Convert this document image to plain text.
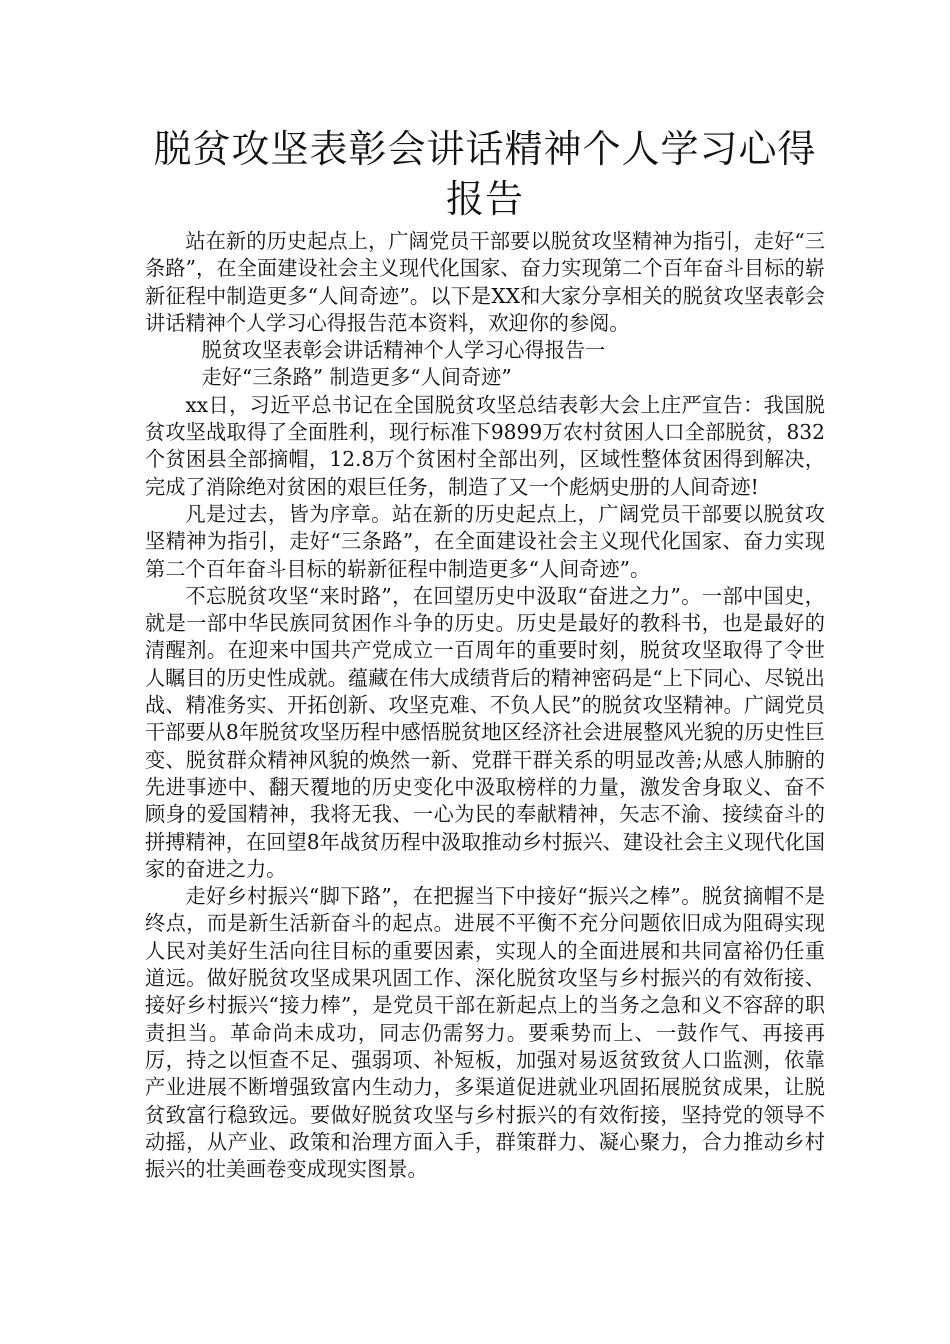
脱贫攻坚表彰会讲话精神个人学习心得报告

站在新的历史起点上，广阔党员干部要以脱贫攻坚精神为指引，走好“三条路”，在全面建设社会主义现代化国家、奋力实现第二个百年奋斗目标的崭新征程中制造更多“人间奇迹”。以下是XX和大家分享相关的脱贫攻坚表彰会讲话精神个人学习心得报告范本资料，欢迎你的参阅。

脱贫攻坚表彰会讲话精神个人学习心得报告一

走好“三条路” 制造更多“人间奇迹”

xx日，习近平总书记在全国脱贫攻坚总结表彰大会上庄严宣告：我国脱贫攻坚战取得了全面胜利，现行标准下9899万农村贫困人口全部脱贫，832个贫困县全部摘帽，12.8万个贫困村全部出列，区域性整体贫困得到解决，完成了消除绝对贫困的艰巨任务，制造了又一个彪炳史册的人间奇迹!

凡是过去，皆为序章。站在新的历史起点上，广阔党员干部要以脱贫攻坚精神为指引，走好“三条路”，在全面建设社会主义现代化国家、奋力实现第二个百年奋斗目标的崭新征程中制造更多“人间奇迹”。

不忘脱贫攻坚“来时路”，在回望历史中汲取“奋进之力”。一部中国史，就是一部中华民族同贫困作斗争的历史。历史是最好的教科书，也是最好的清醒剂。在迎来中国共产党成立一百周年的重要时刻，脱贫攻坚取得了令世人瞩目的历史性成就。蕴藏在伟大成绩背后的精神密码是“上下同心、尽锐出战、精准务实、开拓创新、攻坚克难、不负人民”的脱贫攻坚精神。广阔党员干部要从8年脱贫攻坚历程中感悟脱贫地区经济社会进展整风光貌的历史性巨变、脱贫群众精神风貌的焕然一新、党群干群关系的明显改善;从感人肺腑的先进事迹中、翻天覆地的历史变化中汲取榜样的力量，激发舍身取义、奋不顾身的爱国精神，我将无我、一心为民的奉献精神，矢志不渝、接续奋斗的拼搏精神，在回望8年战贫历程中汲取推动乡村振兴、建设社会主义现代化国家的奋进之力。

走好乡村振兴“脚下路”，在把握当下中接好“振兴之棒”。脱贫摘帽不是终点，而是新生活新奋斗的起点。进展不平衡不充分问题依旧成为阻碍实现人民对美好生活向往目标的重要因素，实现人的全面进展和共同富裕仍任重道远。做好脱贫攻坚成果巩固工作、深化脱贫攻坚与乡村振兴的有效衔接、接好乡村振兴“接力棒”，是党员干部在新起点上的当务之急和义不容辞的职责担当。革命尚未成功，同志仍需努力。要乘势而上、一鼓作气、再接再厉，持之以恒查不足、强弱项、补短板，加强对易返贫致贫人口监测，依靠产业进展不断增强致富内生动力，多渠道促进就业巩固拓展脱贫成果，让脱贫致富行稳致远。要做好脱贫攻坚与乡村振兴的有效衔接，坚持党的领导不动摇，从产业、政策和治理方面入手，群策群力、凝心聚力，合力推动乡村振兴的壮美画卷变成现实图景。
